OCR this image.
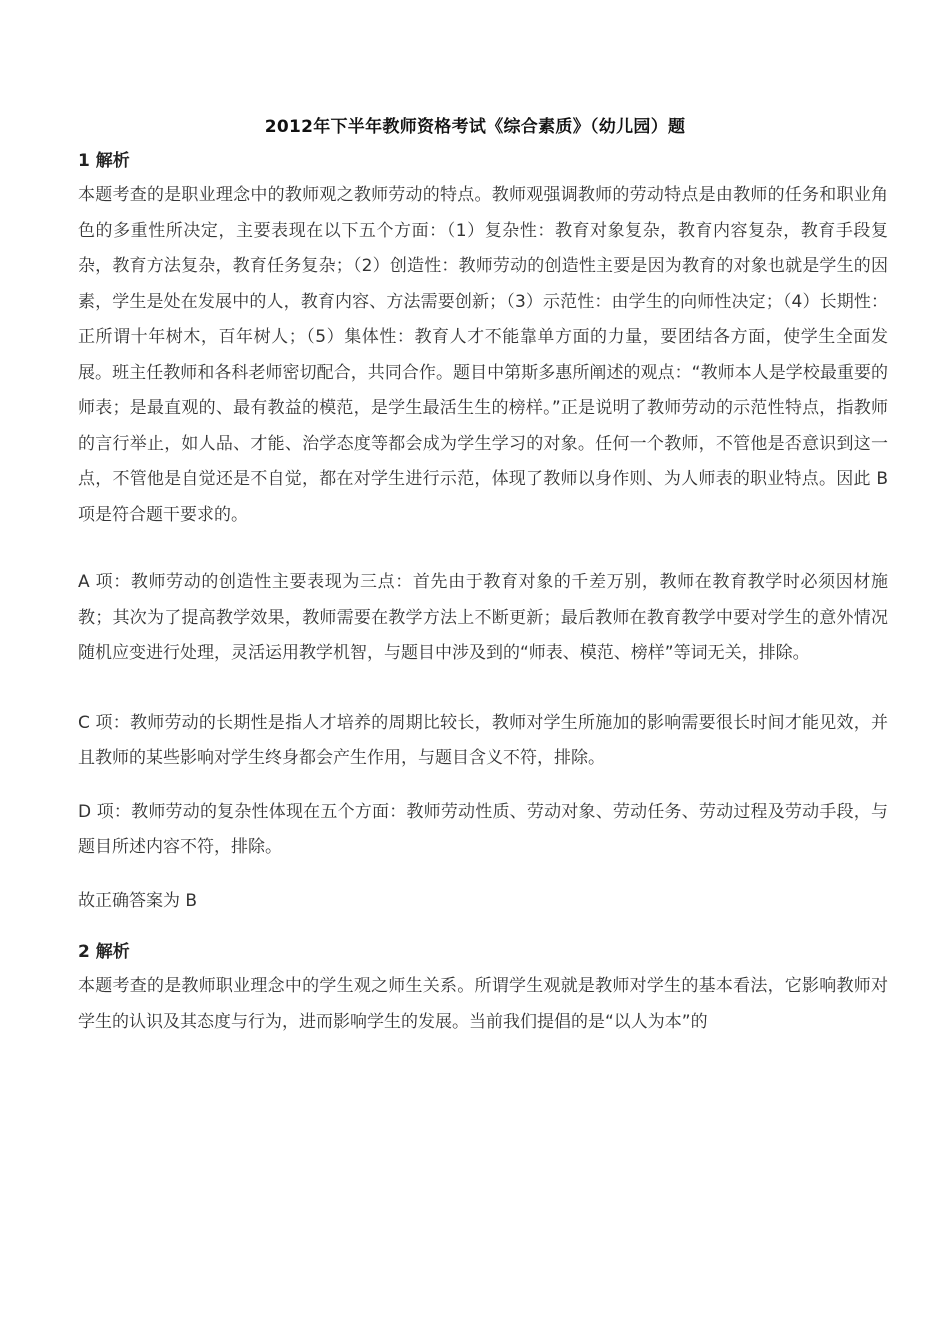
2012年下半年教师资格考试《综合素质》（幼儿园）题

1 解析

本题考查的是职业理念中的教师观之教师劳动的特点。教师观强调教师的劳动特点是由教师的任务和职业角色的多重性所决定，主要表现在以下五个方面：（1）复杂性：教育对象复杂，教育内容复杂，教育手段复杂，教育方法复杂，教育任务复杂；（2）创造性：教师劳动的创造性主要是因为教育的对象也就是学生的因素，学生是处在发展中的人，教育内容、方法需要创新；（3）示范性：由学生的向师性决定；（4）长期性：正所谓十年树木，百年树人；（5）集体性：教育人才不能靠单方面的力量，要团结各方面，使学生全面发展。班主任教师和各科老师密切配合，共同合作。题目中第斯多惠所阐述的观点：“教师本人是学校最重要的师表；是最直观的、最有教益的模范，是学生最活生生的榜样。”正是说明了教师劳动的示范性特点，指教师的言行举止，如人品、才能、治学态度等都会成为学生学习的对象。任何一个教师，不管他是否意识到这一点，不管他是自觉还是不自觉，都在对学生进行示范，体现了教师以身作则、为人师表的职业特点。因此 B 项是符合题干要求的。

A 项：教师劳动的创造性主要表现为三点：首先由于教育对象的千差万别，教师在教育教学时必须因材施教；其次为了提高教学效果，教师需要在教学方法上不断更新；最后教师在教育教学中要对学生的意外情况随机应变进行处理，灵活运用教学机智，与题目中涉及到的“师表、模范、榜样”等词无关，排除。

C 项：教师劳动的长期性是指人才培养的周期比较长，教师对学生所施加的影响需要很长时间才能见效，并且教师的某些影响对学生终身都会产生作用，与题目含义不符，排除。

D 项：教师劳动的复杂性体现在五个方面：教师劳动性质、劳动对象、劳动任务、劳动过程及劳动手段，与题目所述内容不符，排除。

故正确答案为 B

2 解析

本题考查的是教师职业理念中的学生观之师生关系。所谓学生观就是教师对学生的基本看法，它影响教师对学生的认识及其态度与行为，进而影响学生的发展。当前我们提倡的是“以人为本”的
